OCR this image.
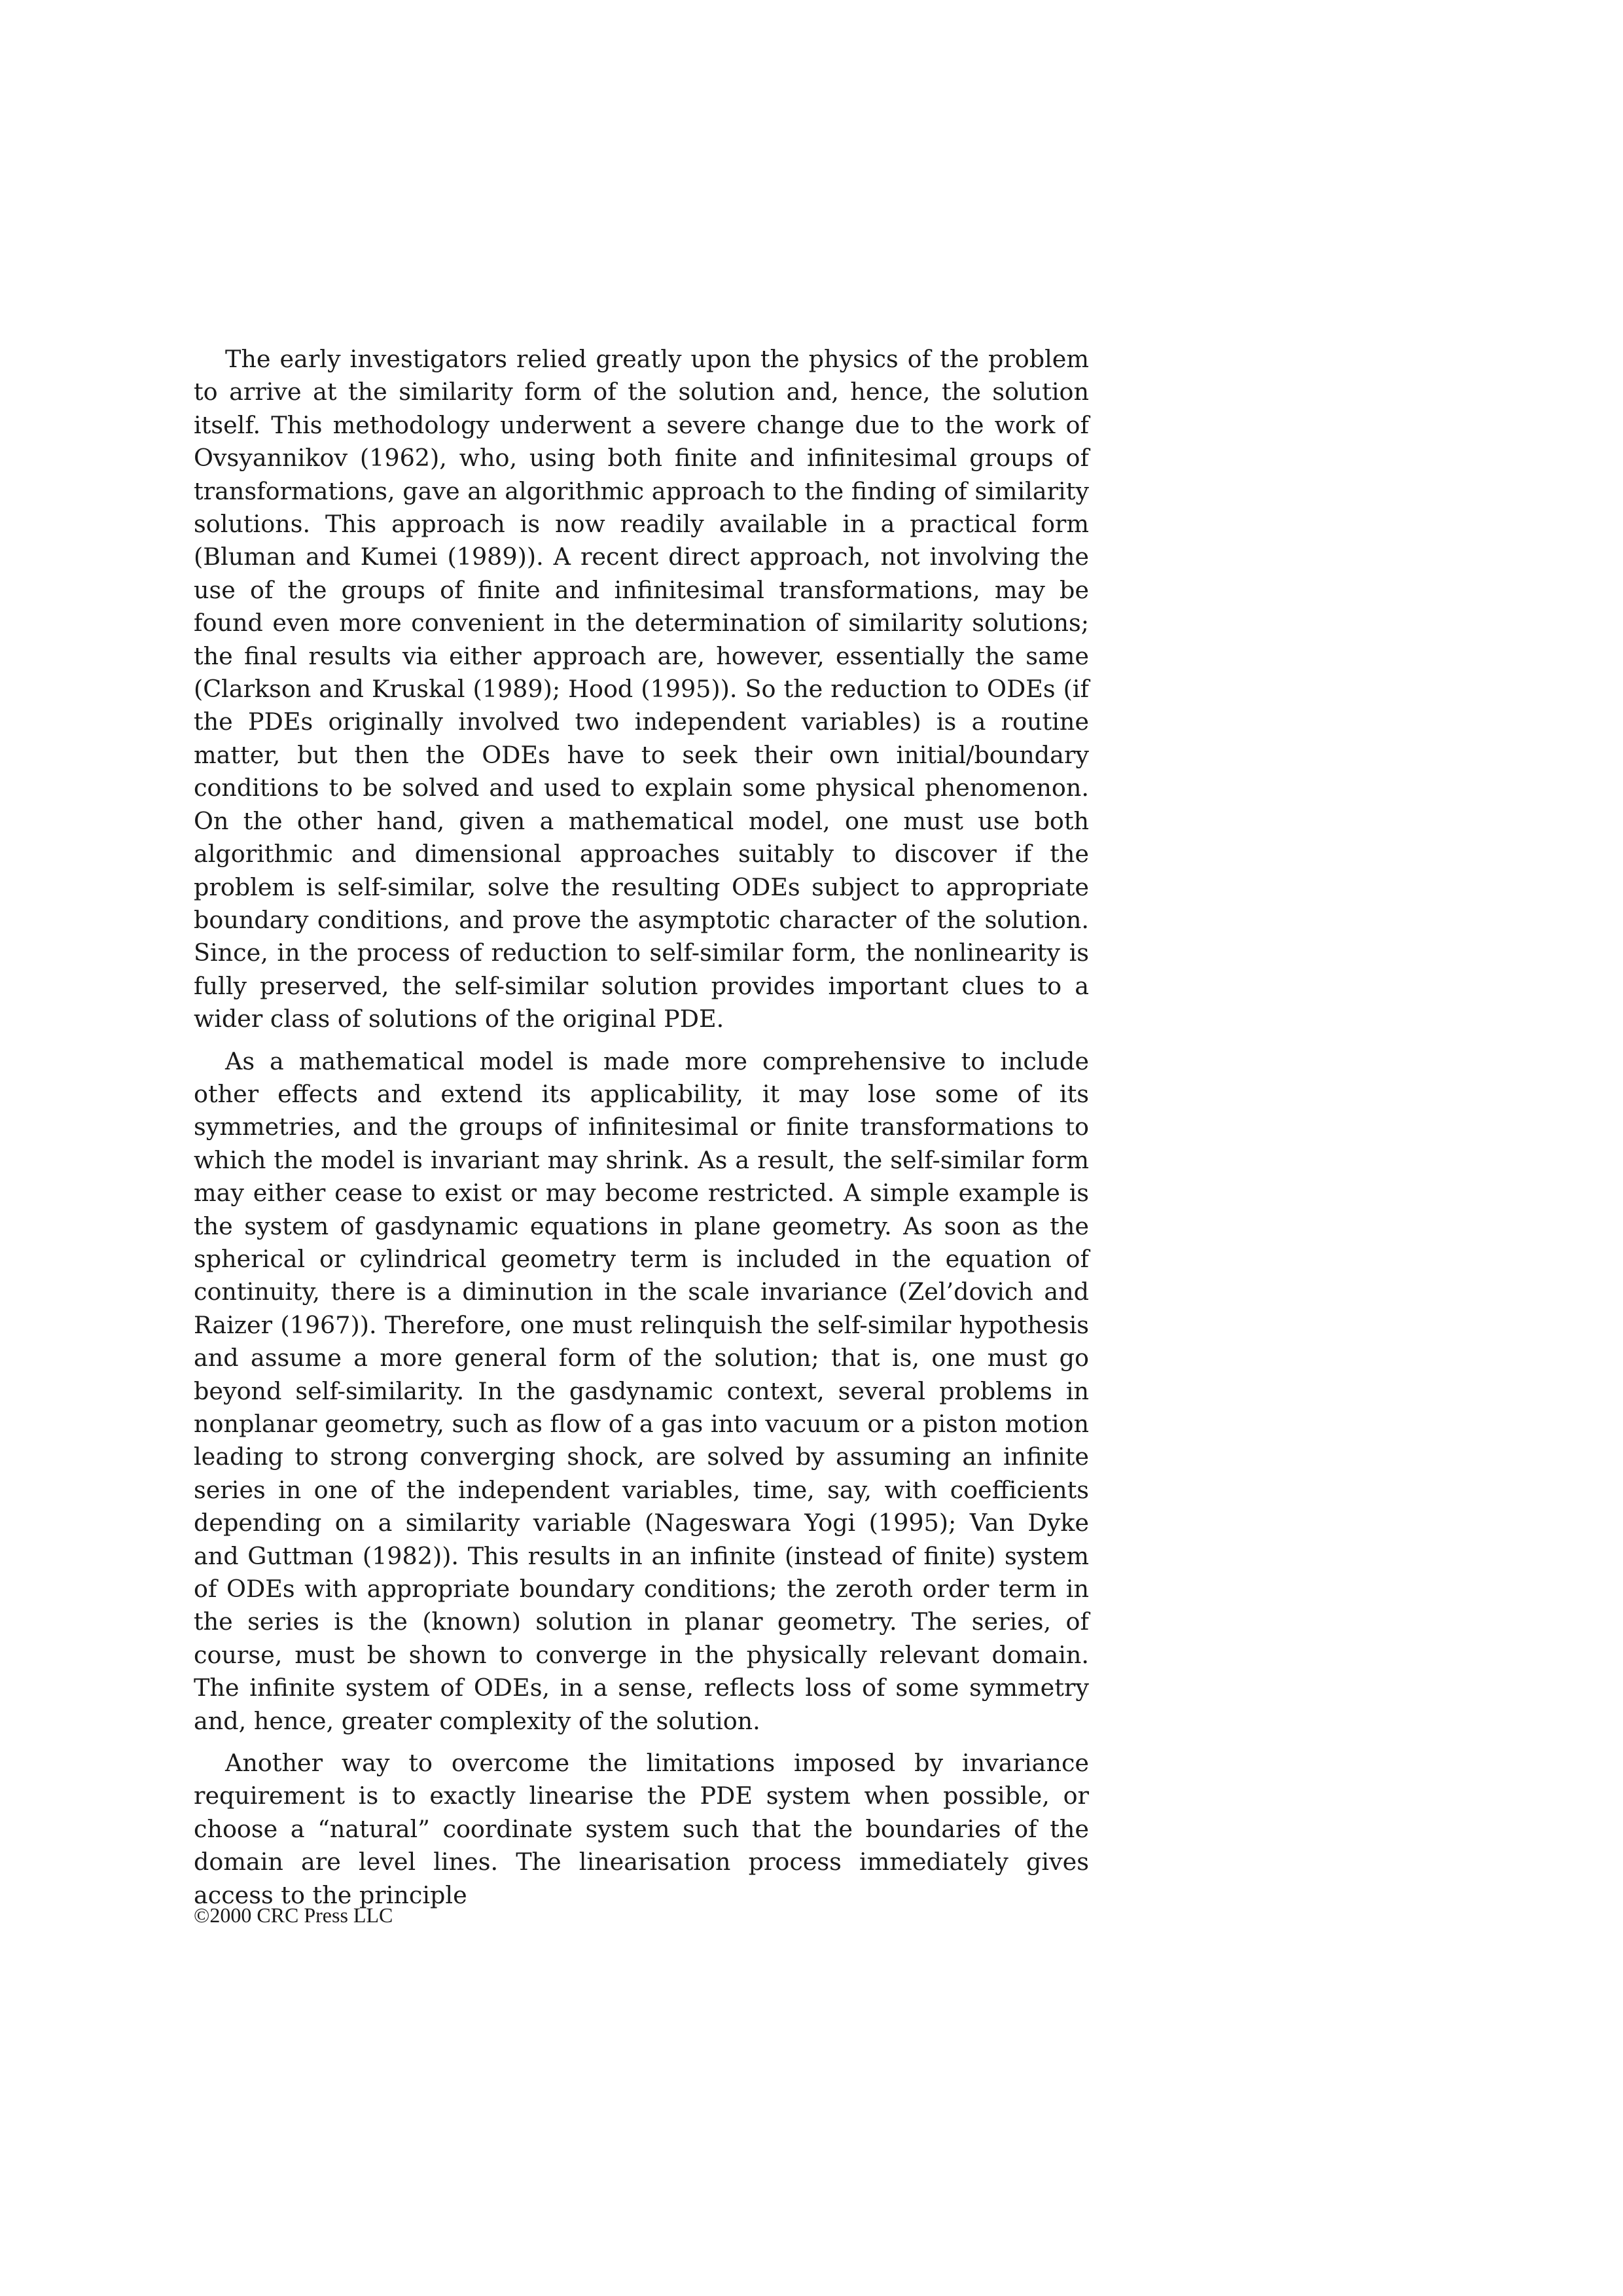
The early investigators relied greatly upon the physics of the problem to arrive at the similarity form of the solution and, hence, the solution itself. This methodology underwent a severe change due to the work of Ovsyannikov (1962), who, using both finite and infinitesimal groups of transformations, gave an algorithmic approach to the finding of similarity solutions. This approach is now readily available in a practical form (Bluman and Kumei (1989)). A recent direct approach, not involving the use of the groups of finite and infinitesimal transformations, may be found even more convenient in the determination of similarity solutions; the final results via either approach are, however, essentially the same (Clarkson and Kruskal (1989); Hood (1995)). So the reduction to ODEs (if the PDEs originally involved two independent variables) is a routine matter, but then the ODEs have to seek their own initial/boundary conditions to be solved and used to explain some physical phenomenon. On the other hand, given a mathematical model, one must use both algorithmic and dimensional approaches suitably to discover if the problem is self-similar, solve the resulting ODEs subject to appropriate boundary conditions, and prove the asymptotic character of the solution. Since, in the process of reduction to self-similar form, the nonlinearity is fully preserved, the self-similar solution provides important clues to a wider class of solutions of the original PDE.

As a mathematical model is made more comprehensive to include other effects and extend its applicability, it may lose some of its symmetries, and the groups of infinitesimal or finite transformations to which the model is invariant may shrink. As a result, the self-similar form may either cease to exist or may become restricted. A simple example is the system of gasdynamic equations in plane geometry. As soon as the spherical or cylindrical geometry term is included in the equation of continuity, there is a diminution in the scale invariance (Zel’dovich and Raizer (1967)). Therefore, one must relinquish the self-similar hypothesis and assume a more general form of the solution; that is, one must go beyond self-similarity. In the gasdynamic context, several problems in nonplanar geometry, such as flow of a gas into vacuum or a piston motion leading to strong converging shock, are solved by assuming an infinite series in one of the independent variables, time, say, with coefficients depending on a similarity variable (Nageswara Yogi (1995); Van Dyke and Guttman (1982)). This results in an infinite (instead of finite) system of ODEs with appropriate boundary conditions; the zeroth order term in the series is the (known) solution in planar geometry. The series, of course, must be shown to converge in the physically relevant domain. The infinite system of ODEs, in a sense, reflects loss of some symmetry and, hence, greater complexity of the solution.

Another way to overcome the limitations imposed by invariance requirement is to exactly linearise the PDE system when possible, or choose a “natural” coordinate system such that the boundaries of the domain are level lines. The linearisation process immediately gives access to the principle

©2000 CRC Press LLC
